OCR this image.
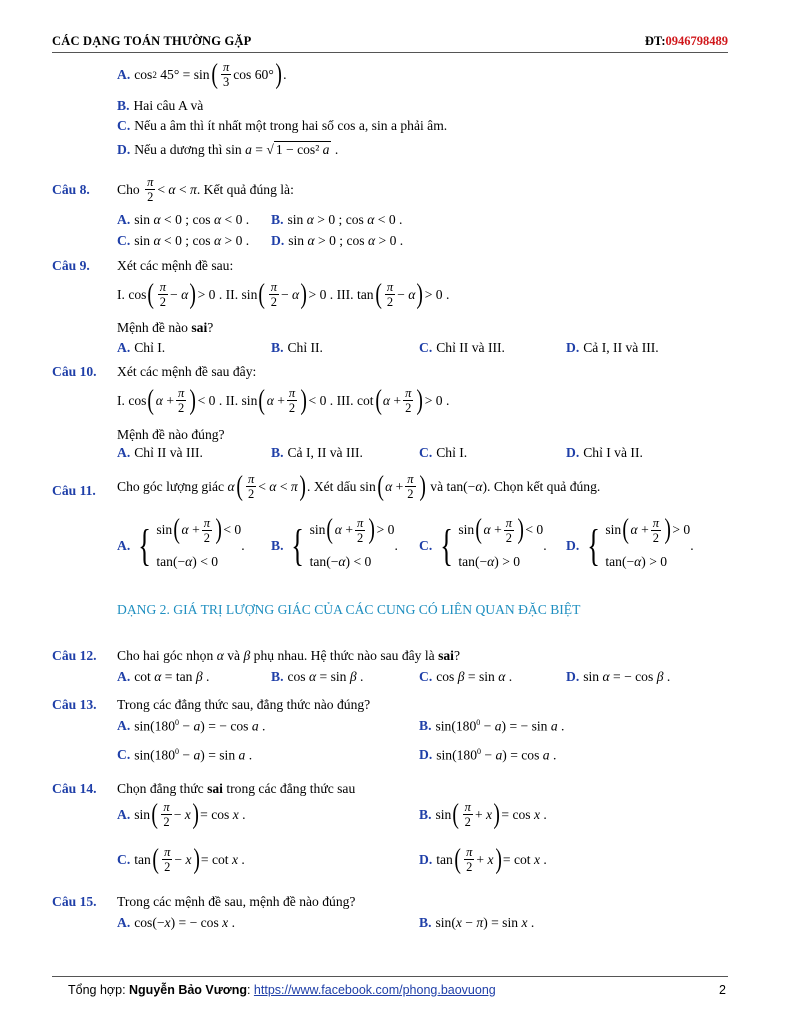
CÁC DẠNG TOÁN THƯỜNG GẶP	ĐT:0946798489
A. cos 2 45° = sin ( $\frac{\pi}{3}$ cos 60° ) .
B. Hai câu A và
C. Nếu a âm thì ít nhất một trong hai số cos a, sin a phải âm.
D. Nếu a dương thì sin a = √ 1 − cos² a .
Câu 8. Cho $\frac{\pi}{2} < \alpha < \pi$ . Kết quả đúng là:
A. sin α < 0 ; cos α < 0 . B. sin α > 0 ; cos α < 0 .
C. sin α < 0 ; cos α > 0 . D. sin α > 0 ; cos α > 0 .
Câu 9. Xét các mệnh đề sau:
I. cos ( $\frac{\pi}{2} - \alpha$ ) > 0 . II. sin ( $\frac{\pi}{2} - \alpha$ ) > 0 . III. tan ( $\frac{\pi}{2} - \alpha$ ) > 0 .
Mệnh đề nào sai ?
A. Chỉ I.	B. Chỉ II.	C. Chỉ II và III.	D. Cả I, II và III.
Câu 10. Xét các mệnh đề sau đây:
I. cos ( $\alpha + \frac{\pi}{2}$ ) < 0 . II. sin ( $\alpha + \frac{\pi}{2}$ ) < 0 . III. cot ( $\alpha + \frac{\pi}{2}$ ) > 0 .
Mệnh đề nào đúng?
A. Chỉ II và III.	B. Cả I, II và III.	C. Chỉ I.	D. Chỉ I và II.
Câu 11. Cho góc lượng giác α ( $\frac{\pi}{2} < \alpha < \pi$ ) . Xét dấu sin ( $\alpha + \frac{\pi}{2}$ )
và tan(−α) . Chọn kết quả đúng.
A. { sin ( $\alpha + \frac{\pi}{2}$ ) < 0
tan(−α) < 0
. B. { sin ( $\alpha + \frac{\pi}{2}$ ) > 0
tan(−α) < 0
. C. { sin ( $\alpha + \frac{\pi}{2}$ ) < 0
tan(−α) > 0
. D. { sin ( $\alpha + \frac{\pi}{2}$ ) > 0
tan(−α) > 0
.
DẠNG 2. GIÁ TRỊ LƯỢNG GIÁC CỦA CÁC CUNG CÓ LIÊN QUAN ĐẶC BIỆT
Câu 12. Cho hai góc nhọn α và β phụ nhau. Hệ thức nào sau đây là
sai ?
A. cot α = tan β .	B. cos α = sin β .	C. cos β = sin α .	D. sin α = − cos β .
Câu 13. Trong các đẳng thức sau, đẳng thức nào đúng?
A. $\sin(180^0 - a)$ = − cos a .	B. $\sin(180^0 - a)$ = − sin a .
C. $\sin(180^0 - a) = \sin a$ .	D. $\sin(180^0 - a) = \cos a$ .
Câu 14. Chọn đẳng thức
sai
trong các đẳng thức sau
A. sin ( $\frac{\pi}{2} - x$ ) = cos x .	B. sin ( $\frac{\pi}{2} + x$ ) = cos x .
C. tan ( $\frac{\pi}{2} - x$ ) = cot x .	D. tan ( $\frac{\pi}{2} + x$ ) = cot x .
Câu 15. Trong các mệnh đề sau, mệnh đề nào đúng?
A. cos(−x) = − cos x .	B. sin(x − π) = sin x .
Tổng hợp: Nguyễn Bảo Vương: https://www.facebook.com/phong.baovuong	2
